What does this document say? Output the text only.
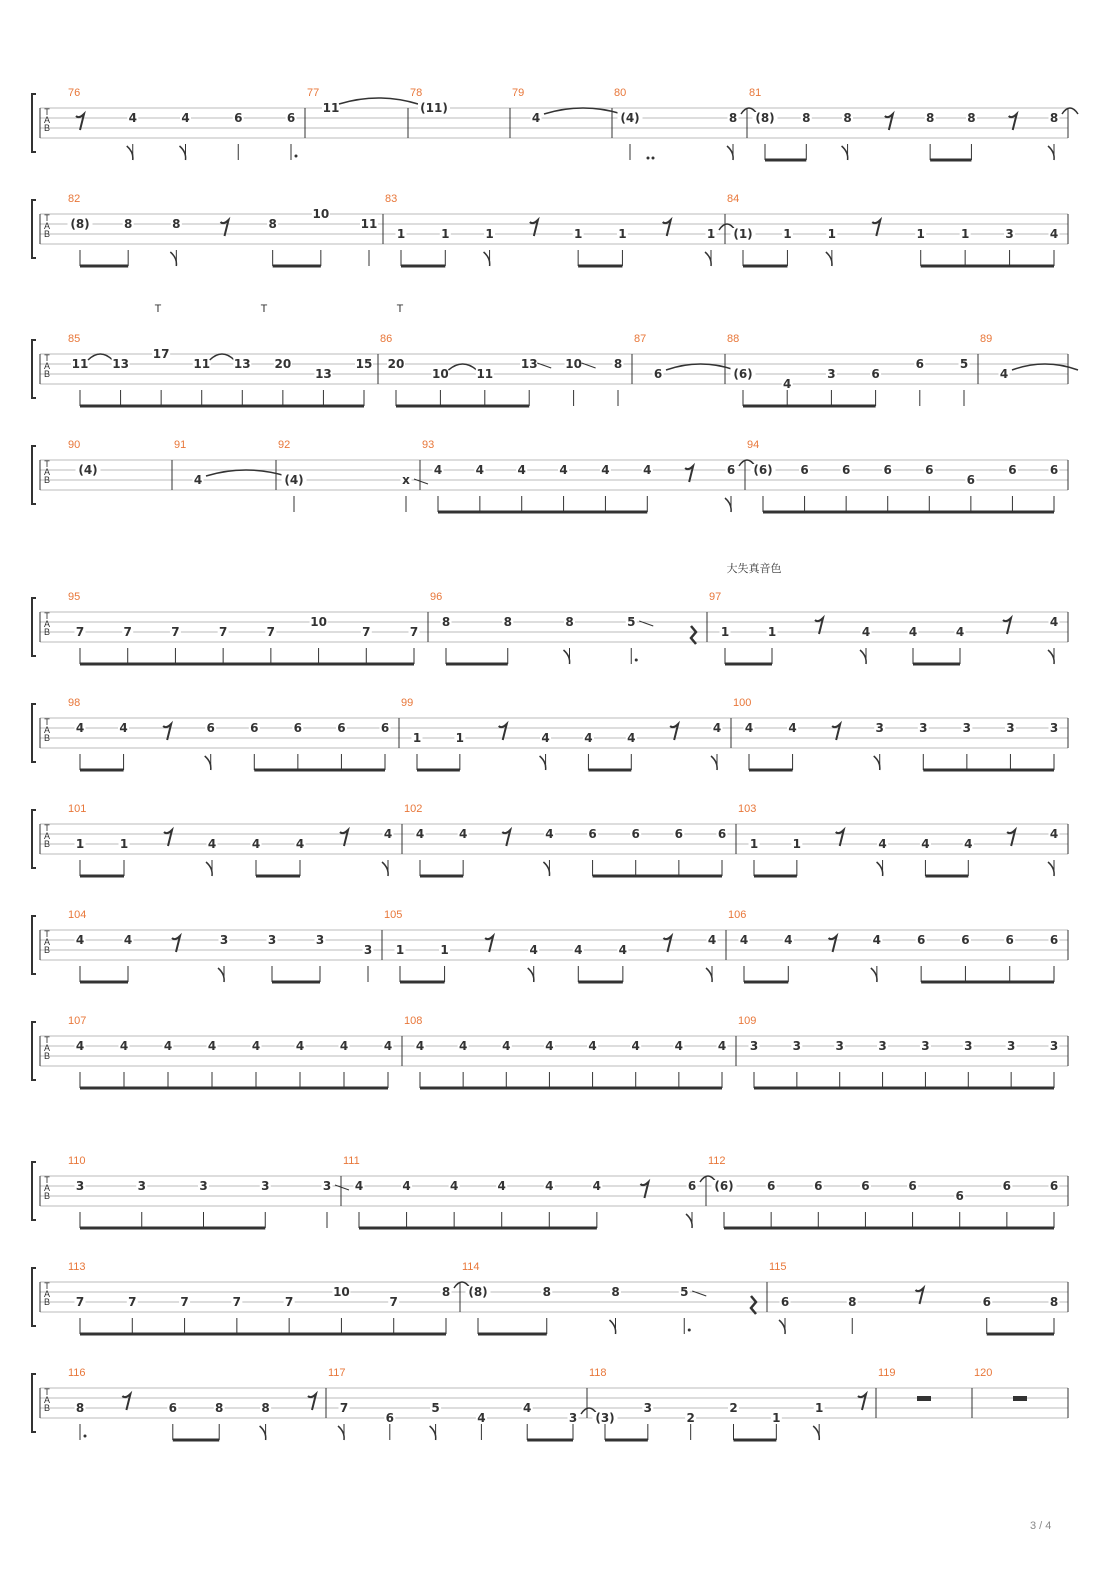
T
A
B
76
4	4	6	6
77
11
78
(11)
79
4
80
(4)	8
81
(8) 8	8	8	8	8
T
A
B
82
(8)	8	8	8
10
11
83
1	1	1	1	1	1
84
(1)	1	1	1	1	3	4
T
A
B
85
11 13
17
11 13 20
13
15
86
20
10 11
13 10	8
87
6
88
(6)
4
3	6
6	5
89
4
T	T	T
T
A
B
90
(4)
91
4
92
(4)	x
93
4	4	4	4	4	4	6
94
(6) 6	6	6	6
6
6	6
T
A
B
大失真音色
95
7	7	7	7	7
10
7	7
96
8	8	8	5
97
1	1	4	4	4
4
T
A
B
98
4	4	6	6	6	6	6
99
1	1	4	4	4
4
100
4	4	3	3	3	3	3
T
A
B
101
1	1	4	4	4
4
102
4	4	4	6	6	6	6
103
1	1	4	4	4
4
T
A
B
104
4	4	3	3	3
3
105
1	1	4	4	4
4
106
4	4	4	6	6	6	6
T
A
B
107
4	4	4	4	4	4	4	4
108
4	4	4	4	4	4	4	4
109
3	3	3	3	3	3	3	3
T
A
B
110
3	3	3	3	3
111
4	4	4	4	4	4	6
112
(6)	6	6	6	6
6
6	6
T
A
B
113
7	7	7	7	7
10
7
8
114
(8)	8	8	5
115
6	8	6	8
T
A
B
116
8	6	8	8
117
7
6
5
4
4
3
118
(3)
3
2
2
1
1
119	120
3 / 4
